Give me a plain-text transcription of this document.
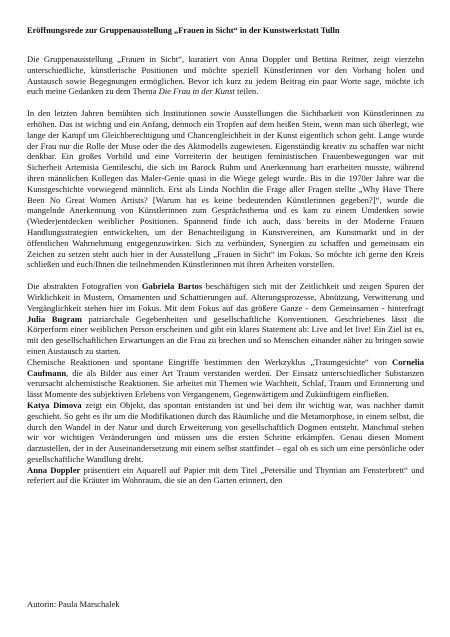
Eröffnungsrede zur Gruppenausstellung „Frauen in Sicht“ in der Kunstwerkstatt Tulln

Die Gruppenausstellung „Frauen in Sicht“, kuratiert von Anna Doppler und Bettina Reitner, zeigt vierzehn unterschiedliche, künstlerische Positionen und möchte speziell Künstlerinnen vor den Vorhang holen und Austausch sowie Begegnungen ermöglichen. Bevor ich kurz zu jedem Beitrag ein paar Worte sage, möchte ich euch meine Gedanken zu dem Thema Die Frau in der Kunst teilen.

In den letzten Jahren bemühten sich Institutionen sowie Ausstellungen die Sichtbarkeit von Künstlerinnen zu erhöhen. Das ist wichtig und ein Anfang, dennoch ein Tropfen auf dem heißen Stein, wenn man sich überlegt, wie lange der Kampf um Gleichberechtigung und Chancengleichheit in der Kunst eigentlich schon geht. Lange wurde der Frau nur die Rolle der Muse oder die des Aktmodells zugewiesen. Eigenständig kreativ zu schaffen war nicht denkbar. Ein großes Vorbild und eine Vorreiterin der heutigen feministischen Frauenbewegungen war mit Sicherheit Artemisia Gentileschi, die sich im Barock Ruhm und Anerkennung hart erarbeiten musste, während ihren männlichen Kollegen das Maler-Genie quasi in die Wiege gelegt wurde. Bis in die 1970er Jahre war die Kunstgeschichte vorwiegend männlich. Erst als Linda Nochlin die Frage aller Fragen stellte „Why Have There Been No Great Women Artists? [Warum hat es keine bedeutenden Künstlerinnen gegeben?]“, wurde die mangelnde Anerkennung von Künstlerinnen zum Gesprächsthema und es kam zu einem Umdenken sowie (Wieder)entdecken weiblicher Positionen. Spannend finde ich auch, dass bereits in der Moderne Frauen Handlungsstrategien entwickelten, um der Benachteiligung in Kunstvereinen, am Kunstmarkt und in der öffentlichen Wahrnehmung entgegenzuwirken. Sich zu verbünden, Synergien zu schaffen und gemeinsam ein Zeichen zu setzen steht auch hier in der Ausstellung „Frauen in Sicht“ im Fokus. So möchte ich gerne den Kreis schließen und euch/Ihnen die teilnehmenden Künstlerinnen mit ihren Arbeiten vorstellen.

Die abstrakten Fotografien von Gabriela Bartos beschäftigen sich mit der Zeitlichkeit und zeigen Spuren der Wirklichkeit in Mustern, Ornamenten und Schattierungen auf. Alterungsprozesse, Abnützung, Verwitterung und Vergänglichkeit stehen hier im Fokus. Mit dem Fokus auf das größere Ganze - dem Gemeinsamen - hinterfragt Julia Bugram patriarchale Gegebenheiten und gesellschaftliche Konventionen. Geschriebenes lässt die Körperform einer weiblichen Person erscheinen und gibt ein klares Statement ab: Live and let live! Ein Ziel ist es, mit den gesellschaftlichen Erwartungen an die Frau zu brechen und so Menschen einander näher zu bringen sowie einen Austausch zu starten.
Chemische Reaktionen und spontane Eingriffe bestimmen den Werkzyklus „Traumgesichte“ von Cornelia Caufmann, die als Bilder aus einer Art Traum verstanden werden. Der Einsatz unterschiedlicher Substanzen verursacht alchemistische Reaktionen. Sie arbeitet mit Themen wie Wachheit, Schlaf, Traum und Erinnerung und lässt Momente des subjektiven Erlebens von Vergangenem, Gegenwärtigem und Zukünftigem einfließen.
Katya Dimova zeigt ein Objekt, das spontan entstanden ist und bei dem ihr wichtig war, was nachher damit geschieht. So geht es ihr um die Modifikationen durch das Räumliche und die Metamorphose, in einem selbst, die durch den Wandel in der Natur und durch Erweiterung von gesellschaftlich Dogmen entsteht. Manchmal stehen wir vor wichtigen Veränderungen und müssen uns die ersten Schritte erkämpfen. Genau diesen Moment darzustellen, der in der Auseinandersetzung mit einem selbst stattfindet – egal ob es sich um eine persönliche oder gesellschaftliche Wandlung dreht.
Anna Doppler präsentiert ein Aquarell auf Papier mit dem Titel „Petersilie und Thymian am Fensterbrett“ und referiert auf die Kräuter im Wohnraum, die sie an den Garten erinnert, den

Autorin: Paula Marschalek
